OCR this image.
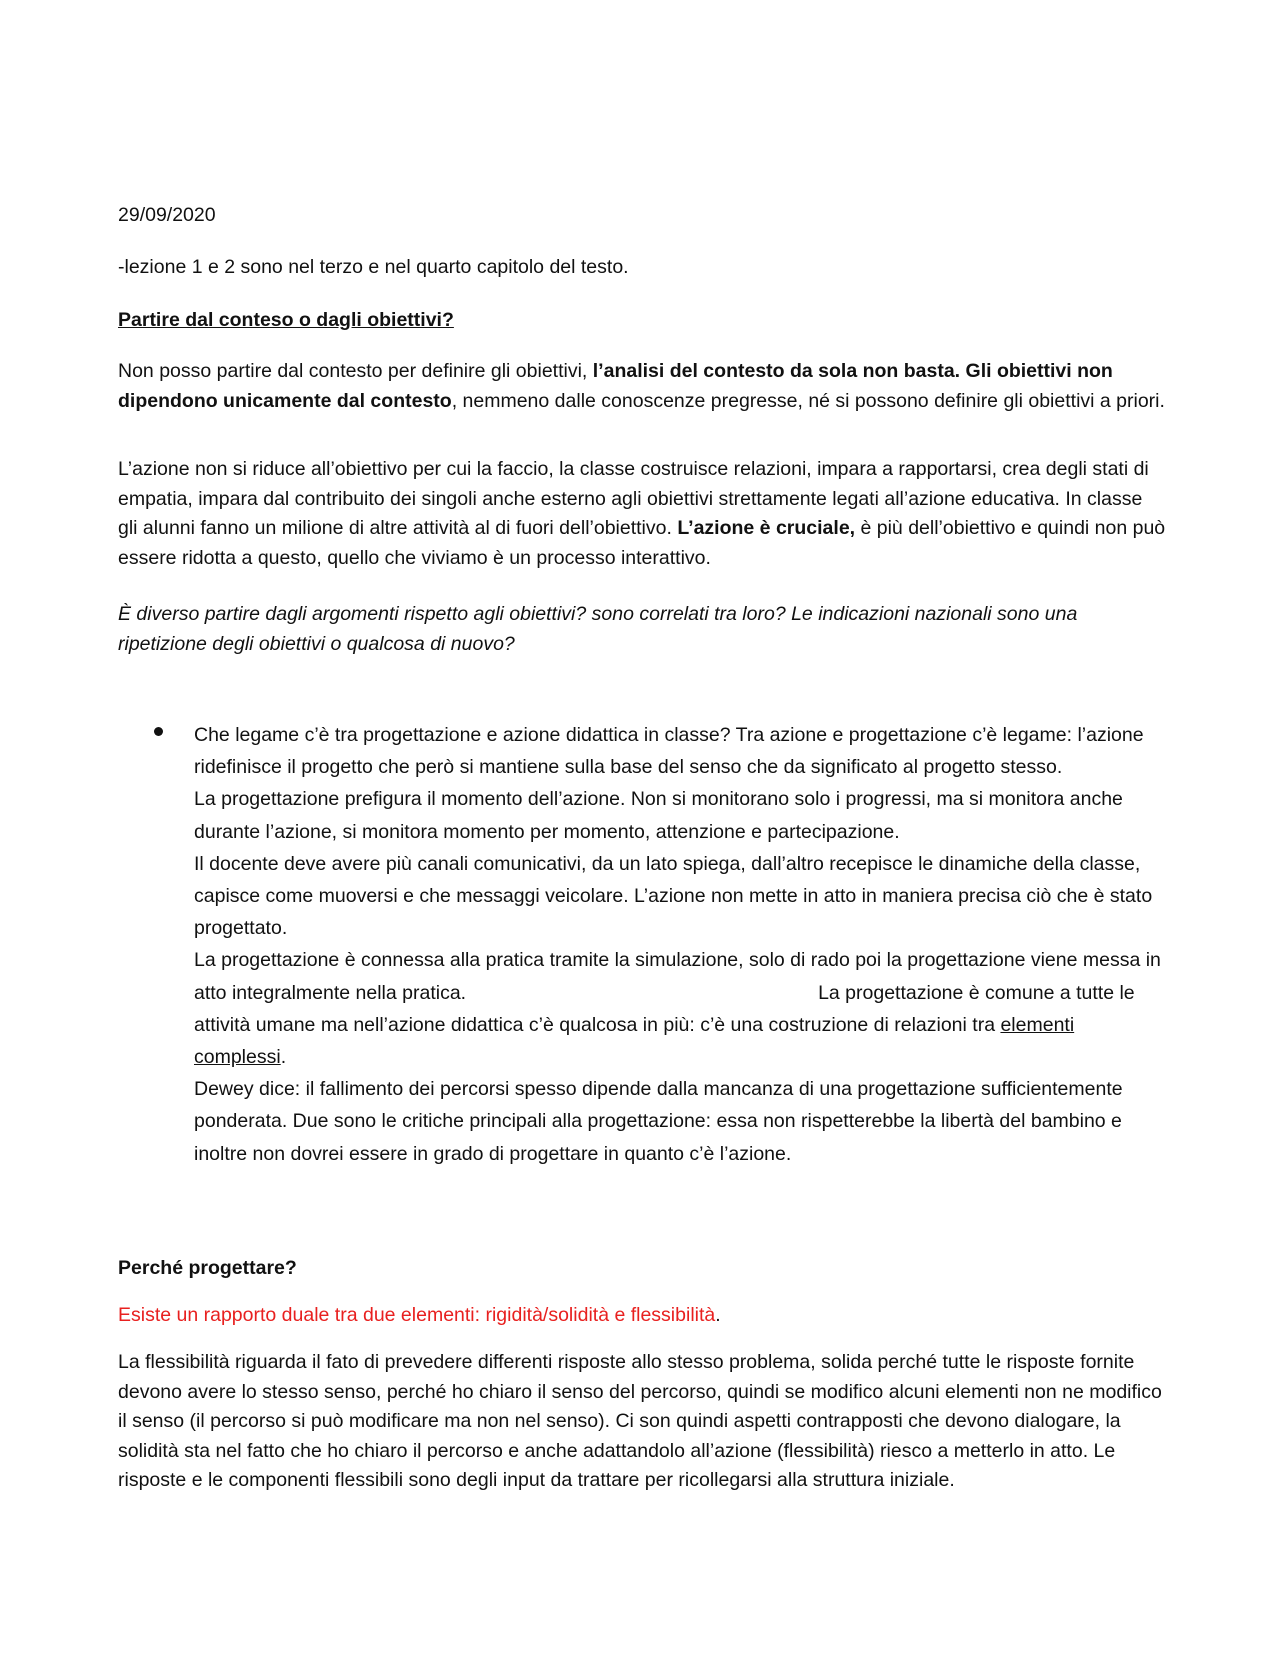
29/09/2020

-lezione 1 e 2 sono nel terzo e nel quarto capitolo del testo.

Partire dal conteso o dagli obiettivi?

Non posso partire dal contesto per definire gli obiettivi, l’analisi del contesto da sola non basta. Gli obiettivi non dipendono unicamente dal contesto, nemmeno dalle conoscenze pregresse, né si possono definire gli obiettivi a priori.

L’azione non si riduce all’obiettivo per cui la faccio, la classe costruisce relazioni, impara a rapportarsi, crea degli stati di empatia, impara dal contribuito dei singoli anche esterno agli obiettivi strettamente legati all’azione educativa. In classe gli alunni fanno un milione di altre attività al di fuori dell’obiettivo. L’azione è cruciale, è più dell’obiettivo e quindi non può essere ridotta a questo, quello che viviamo è un processo interattivo.

È diverso partire dagli argomenti rispetto agli obiettivi? sono correlati tra loro? Le indicazioni nazionali sono una ripetizione degli obiettivi o qualcosa di nuovo?

Che legame c’è tra progettazione e azione didattica in classe? Tra azione e progettazione c’è legame: l’azione ridefinisce il progetto che però si mantiene sulla base del senso che da significato al progetto stesso.

La progettazione prefigura il momento dell’azione. Non si monitorano solo i progressi, ma si monitora anche durante l’azione, si monitora momento per momento, attenzione e partecipazione.

Il docente deve avere più canali comunicativi, da un lato spiega, dall’altro recepisce le dinamiche della classe, capisce come muoversi e che messaggi veicolare. L’azione non mette in atto in maniera precisa ciò che è stato progettato.

La progettazione è connessa alla pratica tramite la simulazione, solo di rado poi la progettazione viene messa in atto integralmente nella pratica.	La progettazione è comune a tutte le attività umane ma nell’azione didattica c’è qualcosa in più: c’è una costruzione di relazioni tra elementi complessi.

Dewey dice: il fallimento dei percorsi spesso dipende dalla mancanza di una progettazione sufficientemente ponderata. Due sono le critiche principali alla progettazione: essa non rispetterebbe la libertà del bambino e inoltre non dovrei essere in grado di progettare in quanto c’è l’azione.

Perché progettare?

Esiste un rapporto duale tra due elementi: rigidità/solidità e flessibilità.

La flessibilità riguarda il fato di prevedere differenti risposte allo stesso problema, solida perché tutte le risposte fornite devono avere lo stesso senso, perché ho chiaro il senso del percorso, quindi se modifico alcuni elementi non ne modifico il senso (il percorso si può modificare ma non nel senso). Ci son quindi aspetti contrapposti che devono dialogare, la solidità sta nel fatto che ho chiaro il percorso e anche adattandolo all’azione (flessibilità) riesco a metterlo in atto. Le risposte e le componenti flessibili sono degli input da trattare per ricollegarsi alla struttura iniziale.
